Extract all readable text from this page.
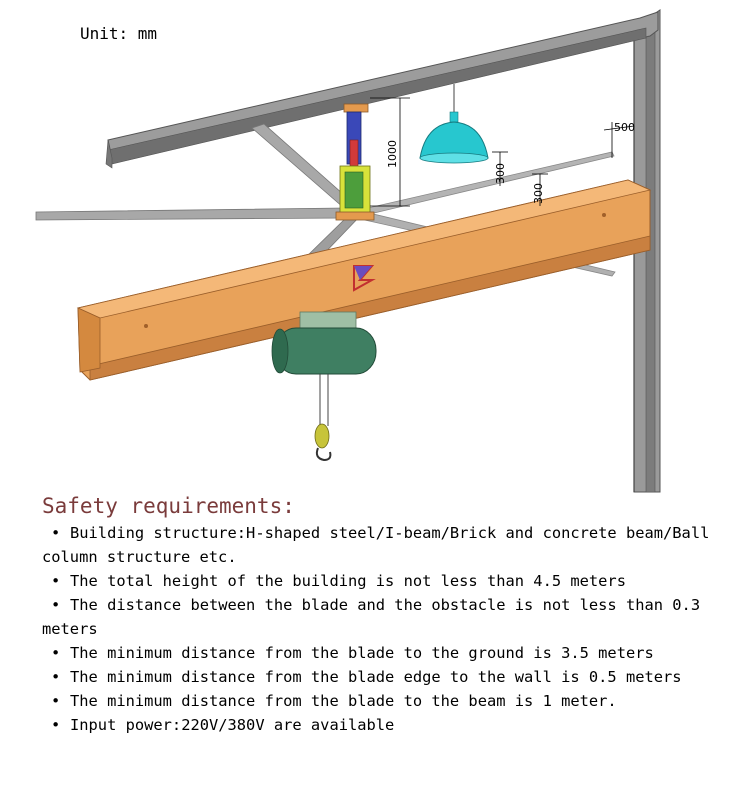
Unit: mm
1000
300
300
500
Safety requirements:
• Building structure:H-shaped steel/I-beam/Brick and concrete beam/Ball column structure etc.
• The total height of the building is not less than 4.5 meters
• The distance between the blade and the obstacle is not less than 0.3 meters
• The minimum distance from the blade to the ground is 3.5 meters
• The minimum distance from the blade edge to the wall is 0.5 meters
• The minimum distance from the blade to the beam is 1 meter.
• Input power:220V/380V are available
